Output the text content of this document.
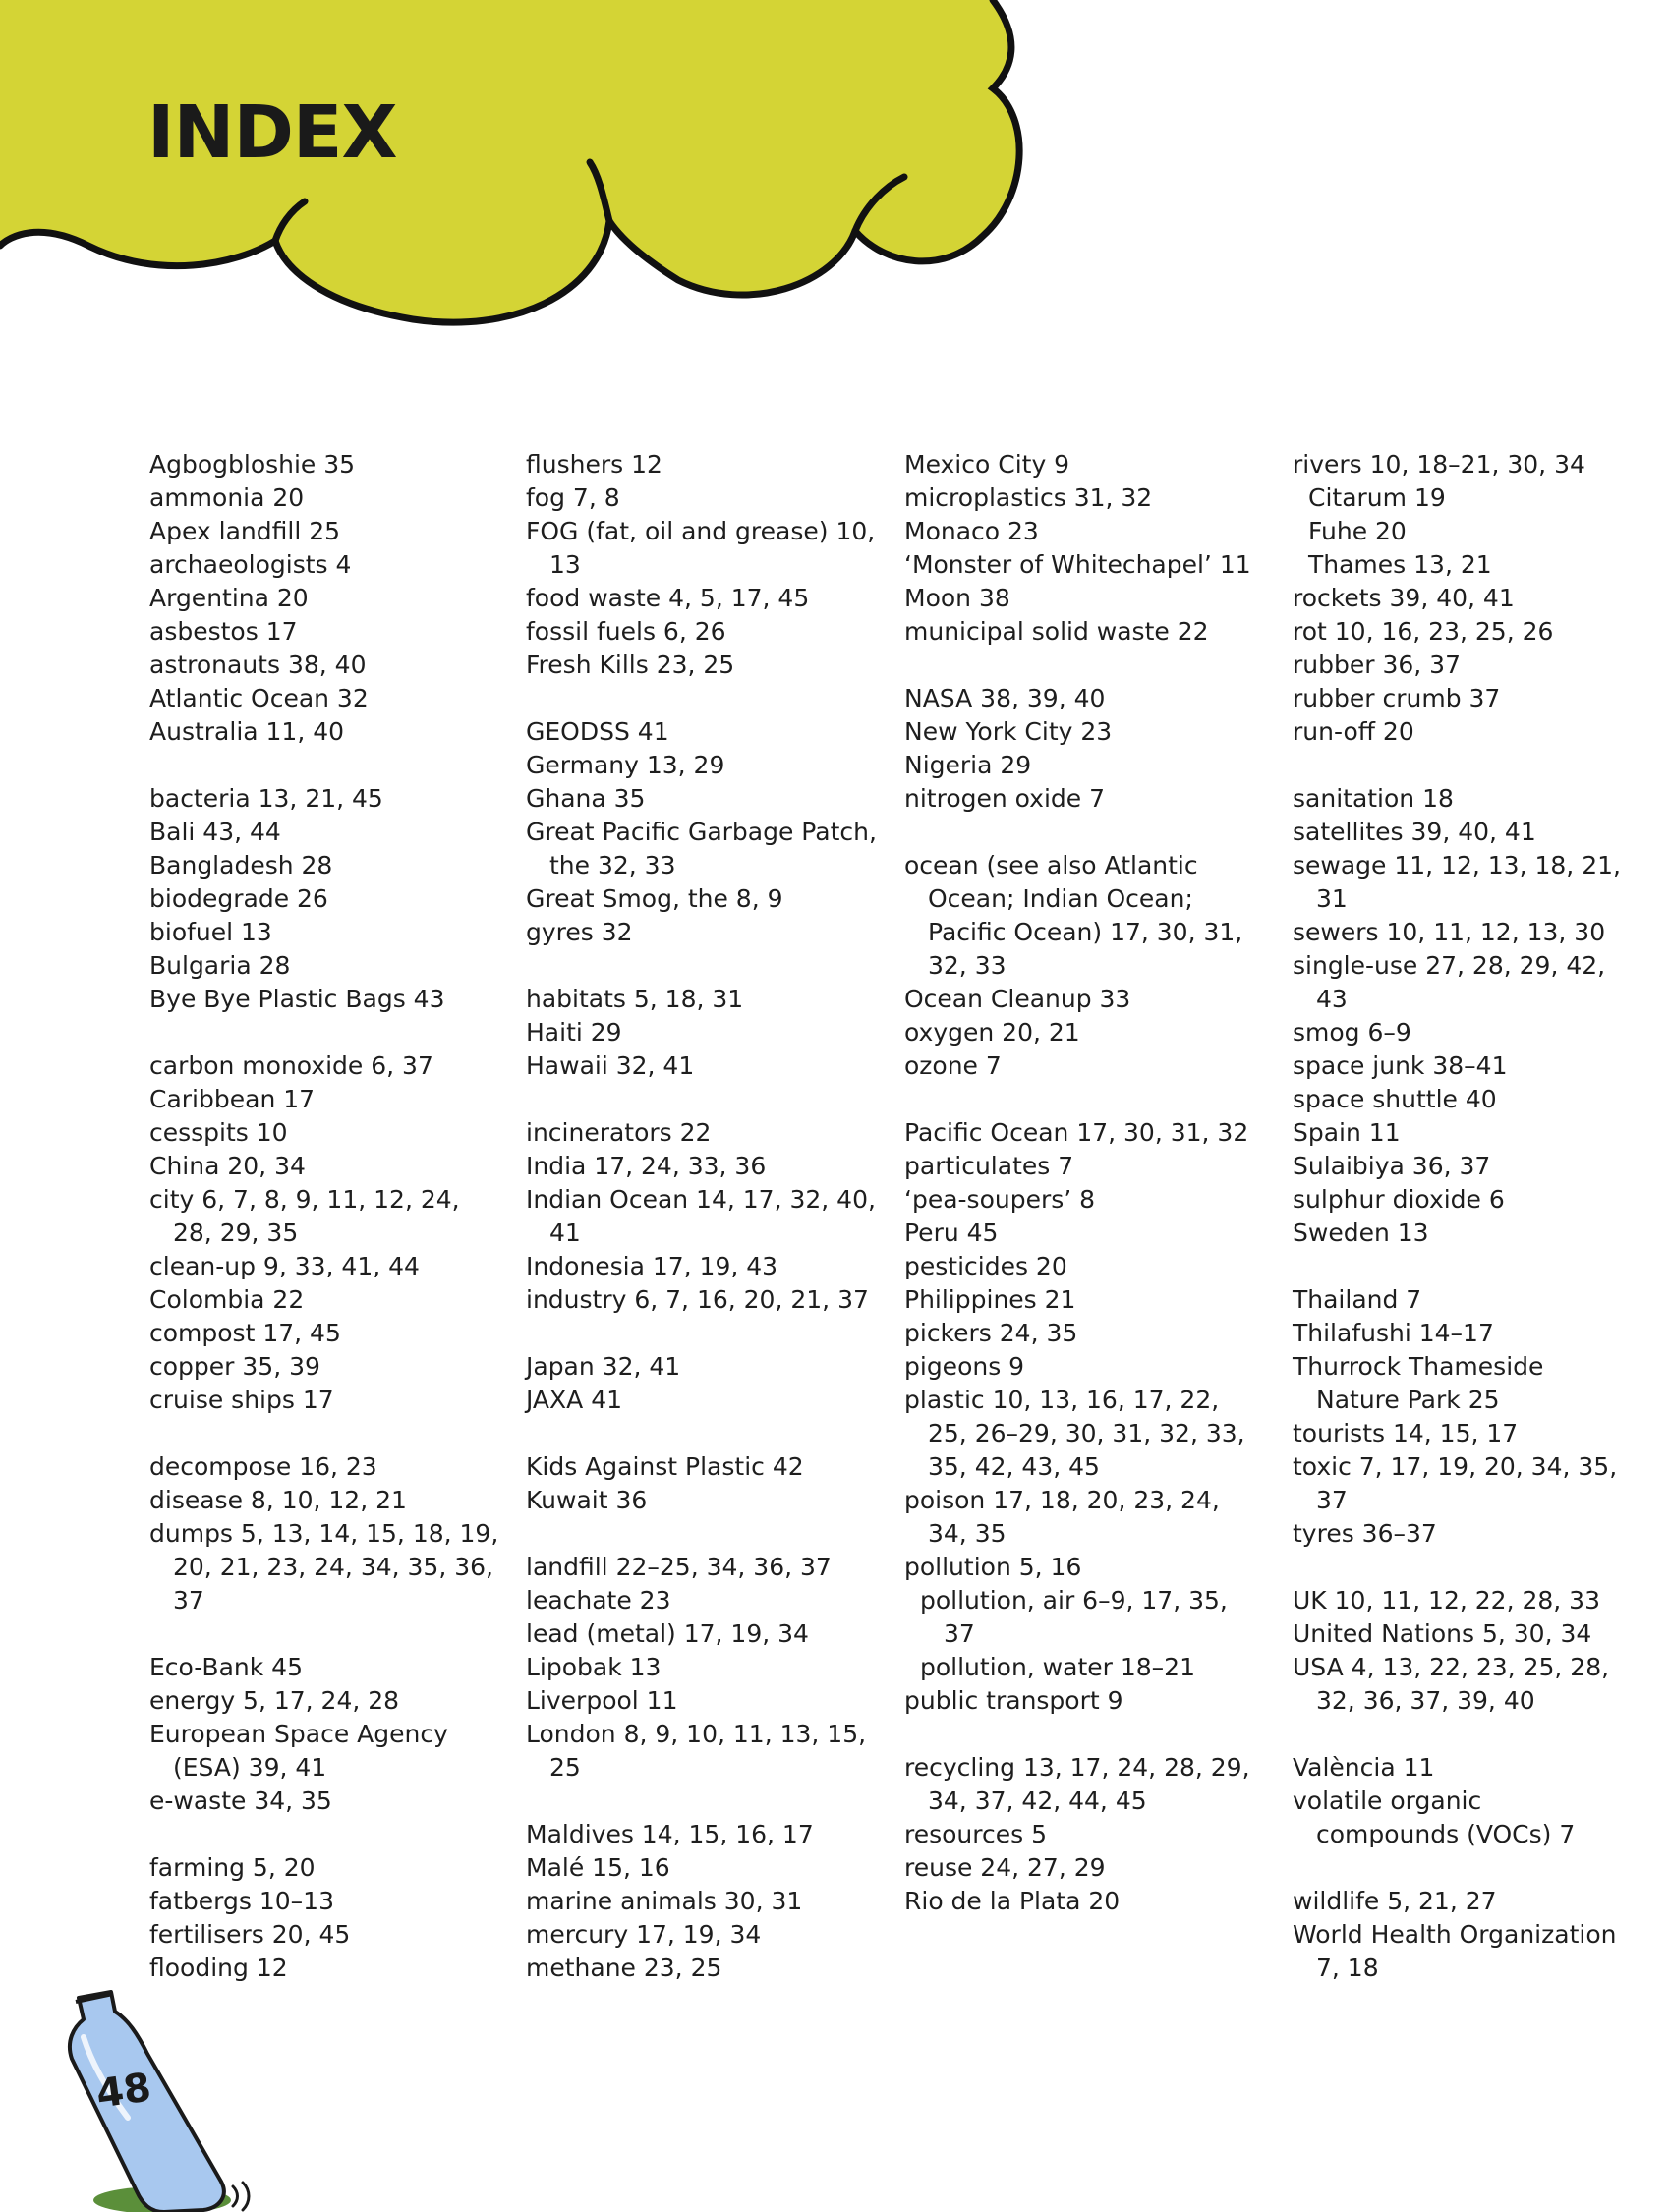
INDEX
Agbogbloshie 35
ammonia 20
Apex landfill 25
archaeologists 4
Argentina 20
asbestos 17
astronauts 38, 40
Atlantic Ocean 32
Australia 11, 40
bacteria 13, 21, 45
Bali 43, 44
Bangladesh 28
biodegrade 26
biofuel 13
Bulgaria 28
Bye Bye Plastic Bags 43
carbon monoxide 6, 37
Caribbean 17
cesspits 10
China 20, 34
city 6, 7, 8, 9, 11, 12, 24, 28, 29, 35
clean-up 9, 33, 41, 44
Colombia 22
compost 17, 45
copper 35, 39
cruise ships 17
decompose 16, 23
disease 8, 10, 12, 21
dumps 5, 13, 14, 15, 18, 19, 20, 21, 23, 24, 34, 35, 36, 37
Eco-Bank 45
energy 5, 17, 24, 28
European Space Agency (ESA) 39, 41
e-waste 34, 35
farming 5, 20
fatbergs 10–13
fertilisers 20, 45
flooding 12
flushers 12
fog 7, 8
FOG (fat, oil and grease) 10, 13
food waste 4, 5, 17, 45
fossil fuels 6, 26
Fresh Kills 23, 25
GEODSS 41
Germany 13, 29
Ghana 35
Great Pacific Garbage Patch, the 32, 33
Great Smog, the 8, 9
gyres 32
habitats 5, 18, 31
Haiti 29
Hawaii 32, 41
incinerators 22
India 17, 24, 33, 36
Indian Ocean 14, 17, 32, 40, 41
Indonesia 17, 19, 43
industry 6, 7, 16, 20, 21, 37
Japan 32, 41
JAXA 41
Kids Against Plastic 42
Kuwait 36
landfill 22–25, 34, 36, 37
leachate 23
lead (metal) 17, 19, 34
Lipobak 13
Liverpool 11
London 8, 9, 10, 11, 13, 15, 25
Maldives 14, 15, 16, 17
Malé 15, 16
marine animals 30, 31
mercury 17, 19, 34
methane 23, 25
Mexico City 9
microplastics 31, 32
Monaco 23
‘Monster of Whitechapel’ 11
Moon 38
municipal solid waste 22
NASA 38, 39, 40
New York City 23
Nigeria 29
nitrogen oxide 7
ocean (see also Atlantic Ocean; Indian Ocean; Pacific Ocean) 17, 30, 31, 32, 33
Ocean Cleanup 33
oxygen 20, 21
ozone 7
Pacific Ocean 17, 30, 31, 32
particulates 7
‘pea-soupers’ 8
Peru 45
pesticides 20
Philippines 21
pickers 24, 35
pigeons 9
plastic 10, 13, 16, 17, 22, 25, 26–29, 30, 31, 32, 33, 35, 42, 43, 45
poison 17, 18, 20, 23, 24, 34, 35
pollution 5, 16
pollution, air 6–9, 17, 35, 37
pollution, water 18–21
public transport 9
recycling 13, 17, 24, 28, 29, 34, 37, 42, 44, 45
resources 5
reuse 24, 27, 29
Rio de la Plata 20
rivers 10, 18–21, 30, 34
Citarum 19
Fuhe 20
Thames 13, 21
rockets 39, 40, 41
rot 10, 16, 23, 25, 26
rubber 36, 37
rubber crumb 37
run-off 20
sanitation 18
satellites 39, 40, 41
sewage 11, 12, 13, 18, 21, 31
sewers 10, 11, 12, 13, 30
single-use 27, 28, 29, 42, 43
smog 6–9
space junk 38–41
space shuttle 40
Spain 11
Sulaibiya 36, 37
sulphur dioxide 6
Sweden 13
Thailand 7
Thilafushi 14–17
Thurrock Thameside Nature Park 25
tourists 14, 15, 17
toxic 7, 17, 19, 20, 34, 35, 37
tyres 36–37
UK 10, 11, 12, 22, 28, 33
United Nations 5, 30, 34
USA 4, 13, 22, 23, 25, 28, 32, 36, 37, 39, 40
València 11
volatile organic compounds (VOCs) 7
wildlife 5, 21, 27
World Health Organization 7, 18
48
